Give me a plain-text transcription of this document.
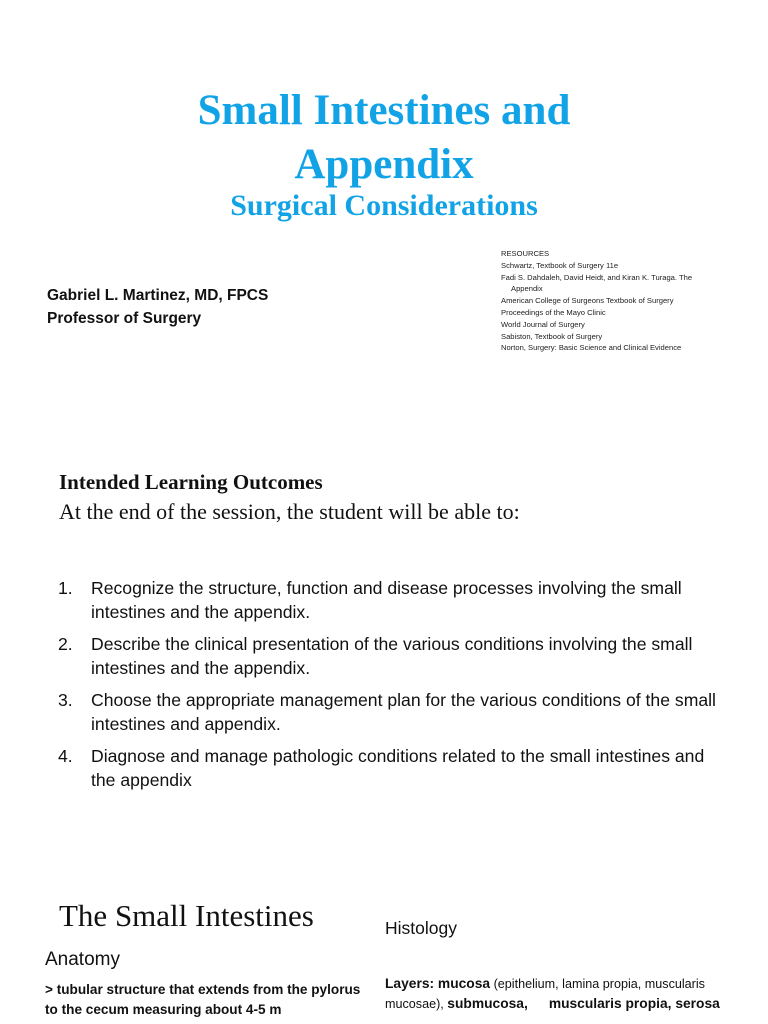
Small Intestines and
Appendix
Surgical Considerations
Gabriel L. Martinez, MD, FPCS
Professor of Surgery

RESOURCES

Schwartz, Textbook of Surgery 11e

Fadi S. Dahdaleh, David Heidt, and Kiran K. Turaga. The

Appendix

American College of Surgeons Textbook of Surgery

Proceedings of the Mayo Clinic

World Journal of Surgery

Sabiston, Textbook of Surgery

Norton, Surgery: Basic Science and Clinical Evidence

Intended Learning Outcomes
At the end of the session, the student will be able to:
1. Recognize the structure, function and disease processes involving the small intestines and the appendix.
2. Describe the clinical presentation of the various conditions involving the small intestines and the appendix.
3. Choose the appropriate management plan for the various conditions of the small intestines and appendix.
4. Diagnose and manage pathologic conditions related to the small intestines and the appendix
The Small Intestines
Anatomy
> tubular structure that extends from the pylorus to the cecum measuring about 4-5 m
Histology
Layers: mucosa (epithelium, lamina propia, muscularis mucosae), submucosa, muscularis propia, serosa
